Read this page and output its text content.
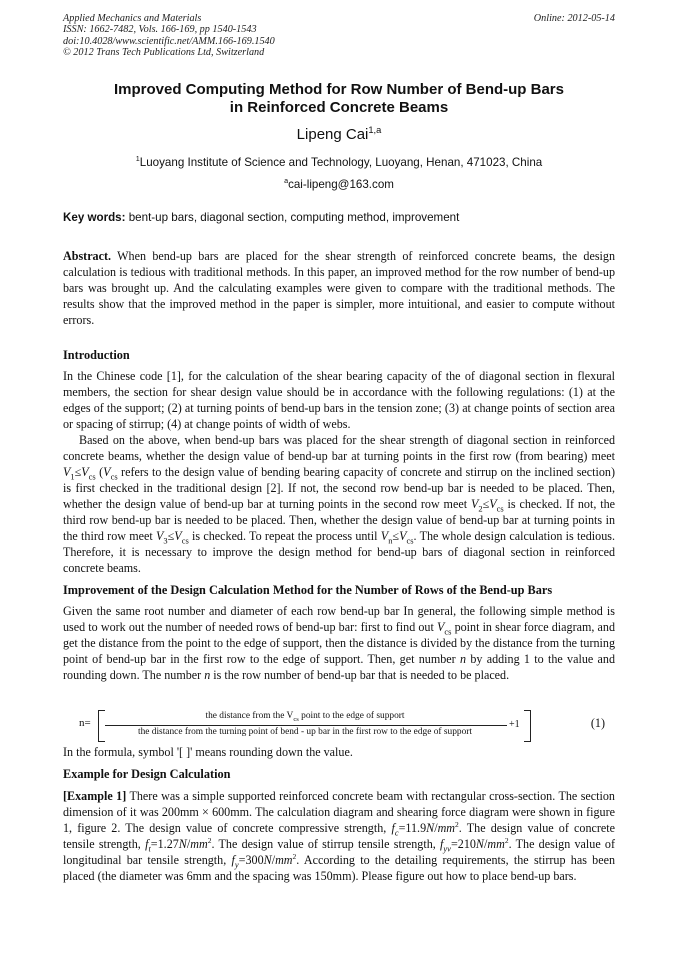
Applied Mechanics and Materials
ISSN: 1662-7482, Vols. 166-169, pp 1540-1543
doi:10.4028/www.scientific.net/AMM.166-169.1540
© 2012 Trans Tech Publications Ltd, Switzerland
Online: 2012-05-14
Improved Computing Method for Row Number of Bend-up Bars
in Reinforced Concrete Beams
Lipeng Cai$^{1,a}$
$^1$Luoyang Institute of Science and Technology, Luoyang, Henan, 471023, China
$^a$cai-lipeng@163.com
Key words: bent-up bars, diagonal section, computing method, improvement

Abstract. When bend-up bars are placed for the shear strength of reinforced concrete beams, the design calculation is tedious with traditional methods. In this paper, an improved method for the row number of bend-up bars was brought up. And the calculating examples were given to compare with the traditional methods. The results show that the improved method in the paper is simpler, more intuitional, and easier to compute without errors.

Introduction

In the Chinese code [1], for the calculation of the shear bearing capacity of the of diagonal section in flexural members, the section for shear design value should be in accordance with the following regulations: (1) at the edges of the support; (2) at turning points of bend-up bars in the tension zone; (3) at change points of section area or spacing of stirrup; (4) at change points of width of webs.

Based on the above, when bend-up bars was placed for the shear strength of diagonal section in reinforced concrete beams, whether the design value of bend-up bar at turning points in the first row (from bearing) meet $V_1\le V_{cs}$ ($V_{cs}$ refers to the design value of bending bearing capacity of concrete and stirrup on the inclined section) is first checked in the traditional design [2]. If not, the second row bend-up bar is needed to be placed. Then, whether the design value of bend-up bar at turning points in the second row meet $V_2\le V_{cs}$ is checked. If not, the third row bend-up bar is needed to be placed. Then, whether the design value of bend-up bar at turning points in the third row meet $V_3\le V_{cs}$ is checked. To repeat the process until $V_n\le V_{cs}$. The whole design calculation is tedious. Therefore, it is necessary to improve the design method for bend-up bars of diagonal section in reinforced concrete beams.

Improvement of the Design Calculation Method for the Number of Rows of the Bend-up Bars

Given the same root number and diameter of each row bend-up bar In general, the following simple method is used to work out the number of needed rows of bend-up bar: first to find out $V_{cs}$ point in shear force diagram, and get the distance from the point to the edge of support, then the distance is divided by the distance from the turning point of bend-up bar in the first row to the edge of support. Then, get number n by adding 1 to the value and rounding down. The number n is the row number of bend-up bar that is needed to be placed.

n=
the distance from the $V_{cs}$ point to the edge of support
the distance from the turning point of bend - up bar in the first row to the edge of support
+1	(1)
In the formula, symbol '[ ]' means rounding down the value.
Example for Design Calculation

[Example 1] There was a simple supported reinforced concrete beam with rectangular cross-section. The section dimension of it was 200mm × 600mm. The calculation diagram and shearing force diagram were shown in figure 1, figure 2. The design value of concrete compressive strength, $f_c=11.9N/mm^2$. The design value of concrete tensile strength, $f_t=1.27N/mm^2$. The design value of stirrup tensile strength, $f_{yv}=210N/mm^2$. The design value of longitudinal bar tensile strength, $f_y=300N/mm^2$. According to the detailing requirements, the stirrup has been placed (the diameter was 6mm and the spacing was 150mm). Please figure out how to place bend-up bars.
